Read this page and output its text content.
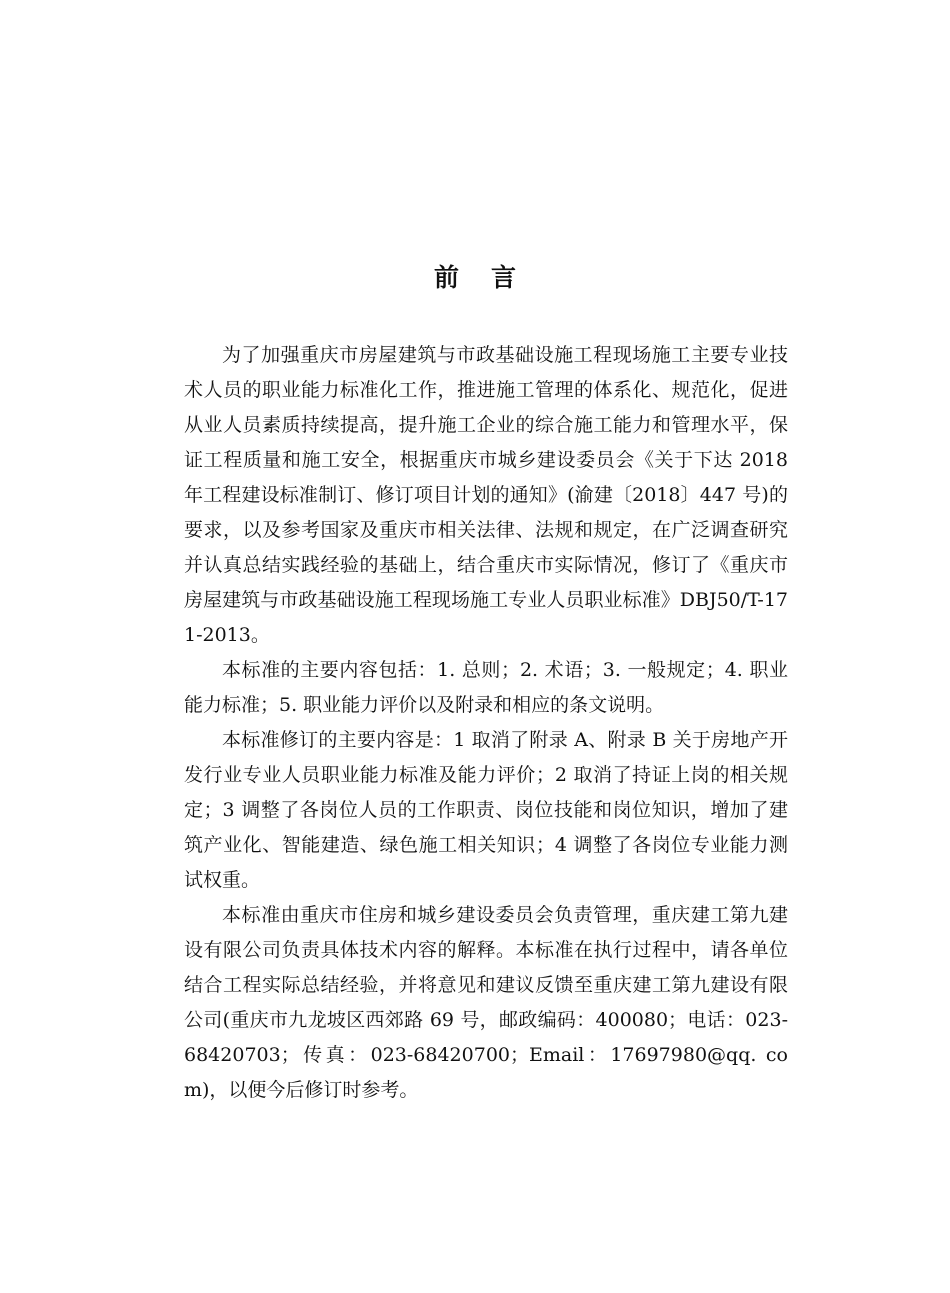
前 言

为了加强重庆市房屋建筑与市政基础设施工程现场施工主要专业技术人员的职业能力标准化工作，推进施工管理的体系化、规范化，促进从业人员素质持续提高，提升施工企业的综合施工能力和管理水平，保证工程质量和施工安全，根据重庆市城乡建设委员会《关于下达 2018 年工程建设标准制订、修订项目计划的通知》(渝建〔2018〕447 号)的要求，以及参考国家及重庆市相关法律、法规和规定，在广泛调查研究并认真总结实践经验的基础上，结合重庆市实际情况，修订了《重庆市房屋建筑与市政基础设施工程现场施工专业人员职业标准》DBJ50/T-171-2013。

本标准的主要内容包括：1. 总则；2. 术语；3. 一般规定；4. 职业能力标准；5. 职业能力评价以及附录和相应的条文说明。

本标准修订的主要内容是：1 取消了附录 A、附录 B 关于房地产开发行业专业人员职业能力标准及能力评价；2 取消了持证上岗的相关规定；3 调整了各岗位人员的工作职责、岗位技能和岗位知识，增加了建筑产业化、智能建造、绿色施工相关知识；4 调整了各岗位专业能力测试权重。

本标准由重庆市住房和城乡建设委员会负责管理，重庆建工第九建设有限公司负责具体技术内容的解释。本标准在执行过程中，请各单位结合工程实际总结经验，并将意见和建议反馈至重庆建工第九建设有限公司(重庆市九龙坡区西郊路 69 号，邮政编码：400080；电话：023-68420703；传真：023-68420700；Email：17697980@qq. com)，以便今后修订时参考。
